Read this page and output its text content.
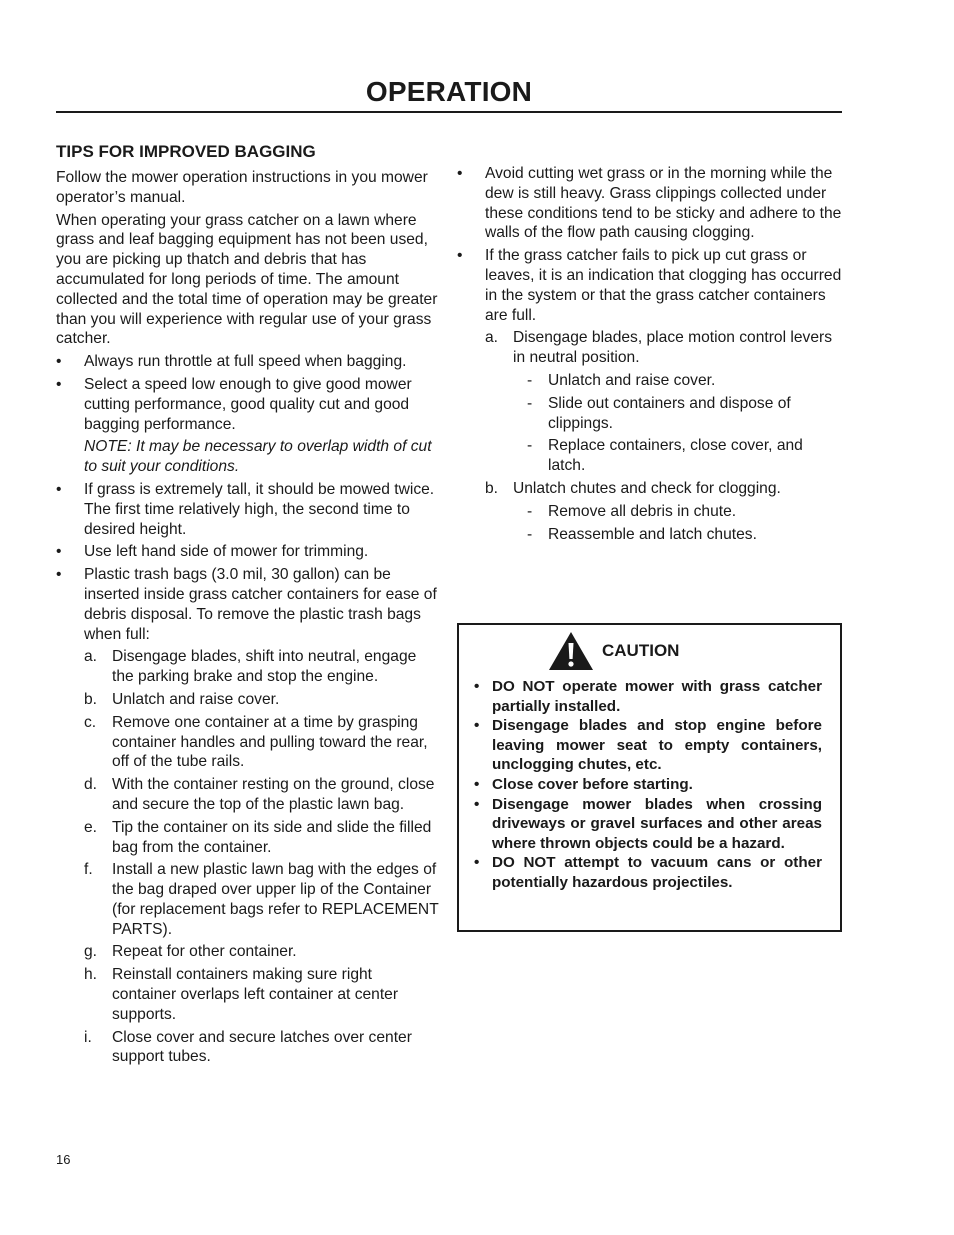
OPERATION
TIPS FOR IMPROVED BAGGING

Follow the mower operation instructions in you mower operator’s manual.

When operating your grass catcher on a lawn where grass and leaf bagging equipment has not been used, you are picking up thatch and debris that has accumulated for long periods of time. The amount collected and the total time of operation may be greater than you will experience with regular use of your grass catcher.

•	Always run throttle at full speed when bagging.
•	Select a speed low enough to give good mower cutting performance, good quality cut and good bagging performance.
NOTE: It may be necessary to overlap width of cut to suit your conditions.
•	If grass is extremely tall, it should be mowed twice. The first time relatively high, the second time to desired height.
•	Use left hand side of mower for trimming.
•	Plastic trash bags (3.0 mil, 30 gallon) can be inserted inside grass catcher containers for ease of debris disposal. To remove the plastic trash bags when full:
a. Disengage blades, shift into neutral, engage the parking brake and stop the engine.
b. Unlatch and raise cover.
c.	Remove one container at a time by grasping container handles and pulling toward the rear, off of the tube rails.
d. With the container resting on the ground, close and secure the top of the plastic lawn bag.
e. Tip the container on its side and slide the filled bag from the container.
f.	Install a new plastic lawn bag with the edges of the bag draped over upper lip of the Container (for replacement bags refer to REPLACEMENT PARTS).
g. Repeat for other container.
h. Reinstall containers making sure right container overlaps left container at center supports.
i.	Close cover and secure latches over center support tubes.
•	Avoid cutting wet grass or in the morning while the dew is still heavy. Grass clippings collected under these conditions tend to be sticky and adhere to the walls of the flow path causing clogging.
•	If the grass catcher fails to pick up cut grass or leaves, it is an indication that clogging has occurred in the system or that the grass catcher containers are full.
a. Disengage blades, place motion control levers in neutral position.
-	Unlatch and raise cover.
-	Slide out containers and dispose of clippings.
-	Replace containers, close cover, and latch.
b. Unlatch chutes and check for clogging.
-	Remove all debris in chute.
-	Reassemble and latch chutes.
CAUTION
• DO NOT operate mower with grass catcher partially installed.
• Disengage blades and stop engine before leaving mower seat to empty containers, unclogging chutes, etc.
• Close cover before starting.
• Disengage mower blades when crossing driveways or gravel surfaces and other areas where thrown objects could be a hazard.
• DO NOT attempt to vacuum cans or other potentially hazardous projectiles.
16
